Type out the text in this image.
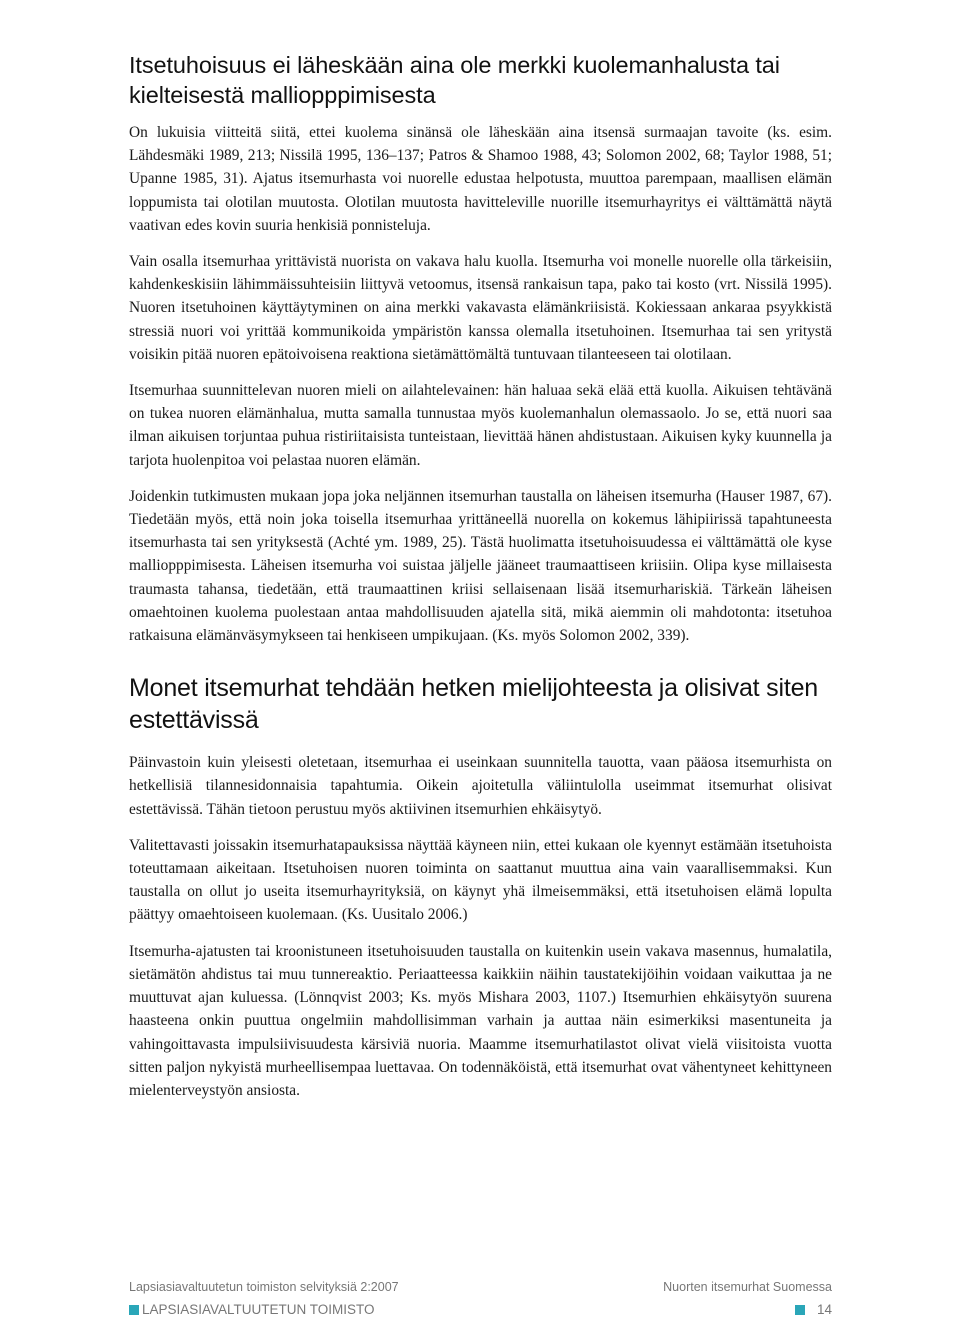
Itsetuhoisuus ei läheskään aina ole merkki kuolemanhalusta tai kielteisestä malliopppimisesta

On lukuisia viitteitä siitä, ettei kuolema sinänsä ole läheskään aina itsensä surmaajan tavoite (ks. esim. Lähdesmäki 1989, 213; Nissilä 1995, 136–137; Patros & Shamoo 1988, 43; Solomon 2002, 68; Taylor 1988, 51; Upanne 1985, 31). Ajatus itsemurhasta voi nuorelle edustaa helpotusta, muuttoa parempaan, maallisen elämän loppumista tai olotilan muutosta. Olotilan muutosta havitteleville nuorille itsemurhayritys ei välttämättä näytä vaativan edes kovin suuria henkisiä ponnisteluja.

Vain osalla itsemurhaa yrittävistä nuorista on vakava halu kuolla. Itsemurha voi monelle nuorelle olla tärkeisiin, kahdenkeskisiin lähimmäissuhteisiin liittyvä vetoomus, itsensä rankaisun tapa, pako tai kosto (vrt. Nissilä 1995). Nuoren itsetuhoinen käyttäytyminen on aina merkki vakavasta elämänkriisistä. Kokiessaan ankaraa psyykkistä stressiä nuori voi yrittää kommunikoida ympäristön kanssa olemalla itsetuhoinen. Itsemurhaa tai sen yritystä voisikin pitää nuoren epätoivoisena reaktiona sietämättömältä tuntuvaan tilanteeseen tai olotilaan.

Itsemurhaa suunnittelevan nuoren mieli on ailahtelevainen: hän haluaa sekä elää että kuolla. Aikuisen tehtävänä on tukea nuoren elämänhalua, mutta samalla tunnustaa myös kuolemanhalun olemassaolo. Jo se, että nuori saa ilman aikuisen torjuntaa puhua ristiriitaisista tunteistaan, lievittää hänen ahdistustaan. Aikuisen kyky kuunnella ja tarjota huolenpitoa voi pelastaa nuoren elämän.

Joidenkin tutkimusten mukaan jopa joka neljännen itsemurhan taustalla on läheisen itsemurha (Hauser 1987, 67). Tiedetään myös, että noin joka toisella itsemurhaa yrittäneellä nuorella on kokemus lähipiirissä tapahtuneesta itsemurhasta tai sen yrityksestä (Achté ym. 1989, 25). Tästä huolimatta itsetuhoisuudessa ei välttämättä ole kyse malliopppimisesta. Läheisen itsemurha voi suistaa jäljelle jääneet traumaattiseen kriisiin. Olipa kyse millaisesta traumasta tahansa, tiedetään, että traumaattinen kriisi sellaisenaan lisää itsemurhariskiä. Tärkeän läheisen omaehtoinen kuolema puolestaan antaa mahdollisuuden ajatella sitä, mikä aiemmin oli mahdotonta: itsetuhoa ratkaisuna elämänväsymykseen tai henkiseen umpikujaan. (Ks. myös Solomon 2002, 339).

Monet itsemurhat tehdään hetken mielijohteesta ja olisivat siten estettävissä

Päinvastoin kuin yleisesti oletetaan, itsemurhaa ei useinkaan suunnitella tauotta, vaan pääosa itsemurhista on hetkellisiä tilannesidonnaisia tapahtumia. Oikein ajoitetulla väliintulolla useimmat itsemurhat olisivat estettävissä. Tähän tietoon perustuu myös aktiivinen itsemurhien ehkäisytyö.

Valitettavasti joissakin itsemurhatapauksissa näyttää käyneen niin, ettei kukaan ole kyennyt estämään itsetuhoista toteuttamaan aikeitaan. Itsetuhoisen nuoren toiminta on saattanut muuttua aina vain vaarallisemmaksi. Kun taustalla on ollut jo useita itsemurhayrityksiä, on käynyt yhä ilmeisemmäksi, että itsetuhoisen elämä lopulta päättyy omaehtoiseen kuolemaan. (Ks. Uusitalo 2006.)

Itsemurha-ajatusten tai kroonistuneen itsetuhoisuuden taustalla on kuitenkin usein vakava masennus, humalatila, sietämätön ahdistus tai muu tunnereaktio. Periaatteessa kaikkiin näihin taustatekijöihin voidaan vaikuttaa ja ne muuttuvat ajan kuluessa. (Lönnqvist 2003; Ks. myös Mishara 2003, 1107.) Itsemurhien ehkäisytyön suurena haasteena onkin puuttua ongelmiin mahdollisimman varhain ja auttaa näin esimerkiksi masentuneita ja vahingoittavasta impulsiivisuudesta kärsiviä nuoria. Maamme itsemurhatilastot olivat vielä viisitoista vuotta sitten paljon nykyistä murheellisempaa luettavaa. On todennäköistä, että itsemurhat ovat vähentyneet kehittyneen mielenterveystyön ansiosta.

Lapsiasiavaltuutetun toimiston selvityksiä 2:2007	Nuorten itsemurhat Suomessa
LAPSIASIAVALTUUTETUN TOIMISTO	14
